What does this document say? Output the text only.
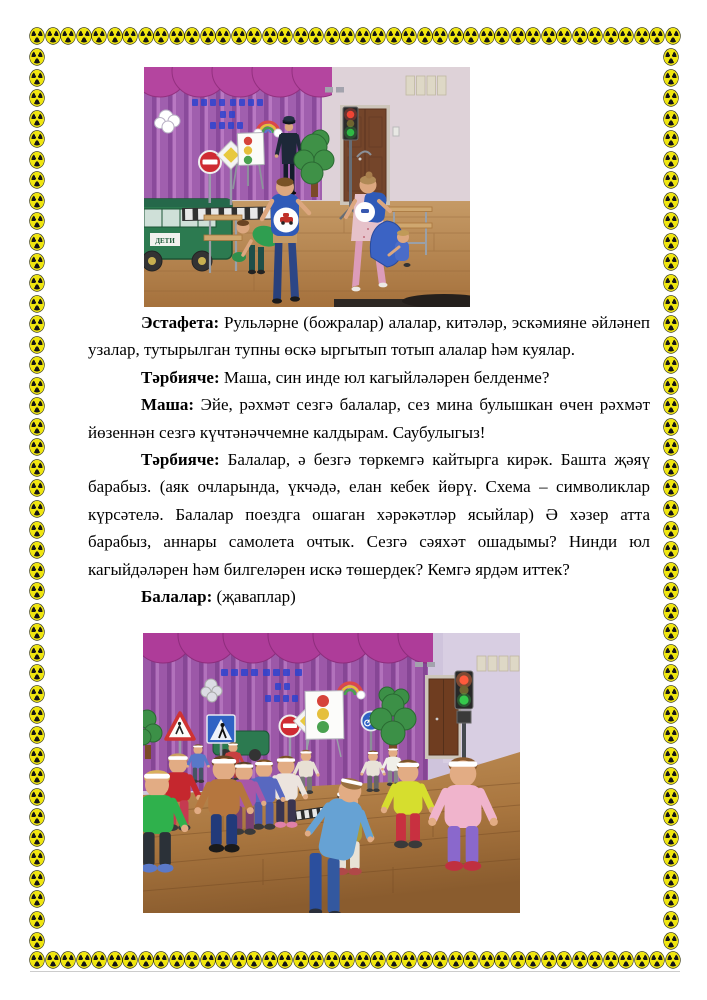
ДЕТИ

Эстафета: Рульләрне (божралар) алалар, китәләр, эскәмияне әйләнеп узалар, тутырылган тупны өскә ыргытып тотып алалар һәм куялар.

Тәрбияче: Маша, син инде юл кагыйләләрен белденме?

Маша: Эйе, рәхмәт сезгә балалар, сез мина булышкан өчен рәхмәт йөзеннән сезгә күчтәнәччемне калдырам. Саубулыгыз!

Тәрбияче: Балалар, ә безгә төркемгә кайтырга кирәк. Башта җәяү барабыз. (аяк очларында, үкчәдә, елан кебек йөрү. Схема – символиклар күрсәтелә. Балалар поездга ошаган хәрәкәтләр ясыйлар) Ә хәзер атта барабыз, аннары самолета очтык. Сезгә сәяхәт ошадымы? Нинди юл кагыйдәләрен һәм билгеләрен искә төшердек? Кемгә ярдәм иттек?

Балалар: (җаваплар)
